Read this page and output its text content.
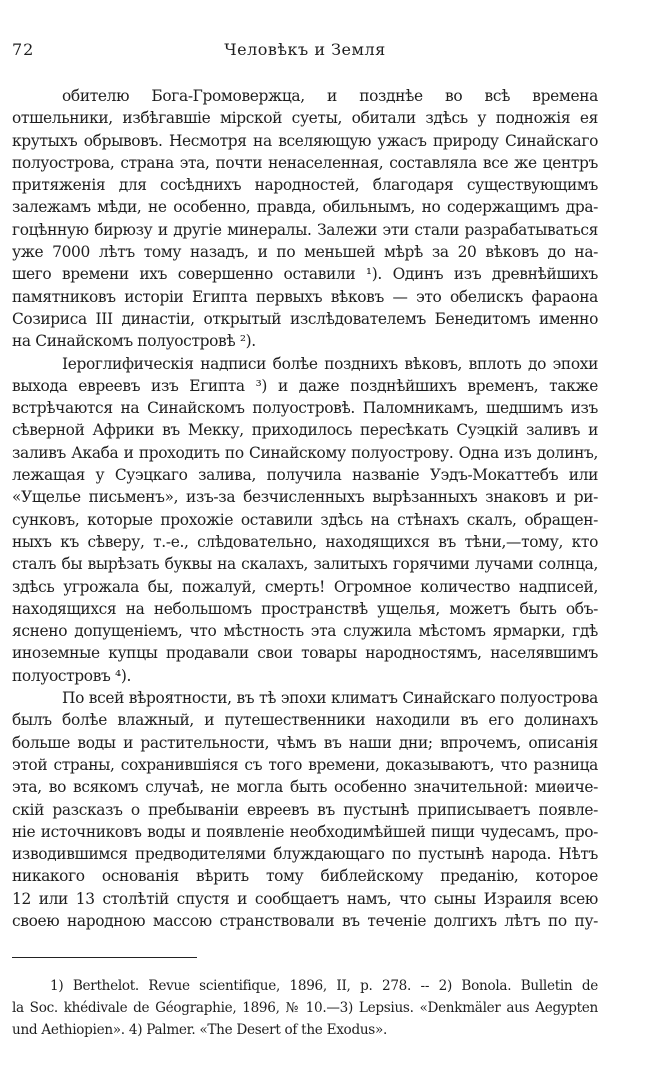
72	Человѣкъ и Земля
обителю Бога-Громовержца, и позднѣе во всѣ времена
отшельники, избѣгавшіе мірской суеты, обитали здѣсь у подножія ея
крутыхъ обрывовъ. Несмотря на вселяющую ужасъ природу Синайскаго
полуострова, страна эта, почти ненаселенная, составляла все же центръ
притяженія для сосѣднихъ народностей, благодаря существующимъ
залежамъ мѣди, не особенно, правда, обильнымъ, но содержащимъ дра-
гоцѣнную бирюзу и другіе минералы. Залежи эти стали разрабатываться
уже 7000 лѣтъ тому назадъ, и по меньшей мѣрѣ за 20 вѣковъ до на-
шего времени ихъ совершенно оставили ¹). Одинъ изъ древнѣйшихъ
памятниковъ исторіи Египта первыхъ вѣковъ — это обелискъ фараона
Созириса III династіи, открытый изслѣдователемъ Бенедитомъ именно
на Синайскомъ полуостровѣ ²).
Іероглифическія надписи болѣе позднихъ вѣковъ, вплоть до эпохи
выхода евреевъ изъ Египта ³) и даже позднѣйшихъ временъ, также
встрѣчаются на Синайскомъ полуостровѣ. Паломникамъ, шедшимъ изъ
сѣверной Африки въ Мекку, приходилось пересѣкать Суэцкій заливъ и
заливъ Акаба и проходить по Синайскому полуострову. Одна изъ долинъ,
лежащая у Суэцкаго залива, получила названіе Уэдъ-Мокаттебъ или
«Ущелье письменъ», изъ-за безчисленныхъ вырѣзанныхъ знаковъ и ри-
сунковъ, которые прохожіе оставили здѣсь на стѣнахъ скалъ, обращен-
ныхъ къ сѣверу, т.-е., слѣдовательно, находящихся въ тѣни,—тому, кто
сталъ бы вырѣзать буквы на скалахъ, залитыхъ горячими лучами солнца,
здѣсь угрожала бы, пожалуй, смерть! Огромное количество надписей,
находящихся на небольшомъ пространствѣ ущелья, можетъ быть объ-
яснено допущеніемъ, что мѣстность эта служила мѣстомъ ярмарки, гдѣ
иноземные купцы продавали свои товары народностямъ, населявшимъ
полуостровъ ⁴).
По всей вѣроятности, въ тѣ эпохи климатъ Синайскаго полуострова
былъ болѣе влажный, и путешественники находили въ его долинахъ
больше воды и растительности, чѣмъ въ наши дни; впрочемъ, описанія
этой страны, сохранившіяся съ того времени, доказываютъ, что разница
эта, во всякомъ случаѣ, не могла быть особенно значительной: миѳиче-
скій разсказъ о пребываніи евреевъ въ пустынѣ приписываетъ появле-
ніе источниковъ воды и появленіе необходимѣйшей пищи чудесамъ, про-
изводившимся предводителями блуждающаго по пустынѣ народа. Нѣтъ
никакого основанія вѣрить тому библейскому преданію, которое
12 или 13 столѣтій спустя и сообщаетъ намъ, что сыны Израиля всею
своею народною массою странствовали въ теченіе долгихъ лѣтъ по пу-
1) Berthelot. Revue scientifique, 1896, II, p. 278. -- 2) Bonola. Bulletin de
la Soc. khédivale de Géographie, 1896, № 10.—3) Lepsius. «Denkmäler aus Aegypten
und Aethiopien». 4) Palmer. «The Desert of the Exodus».
